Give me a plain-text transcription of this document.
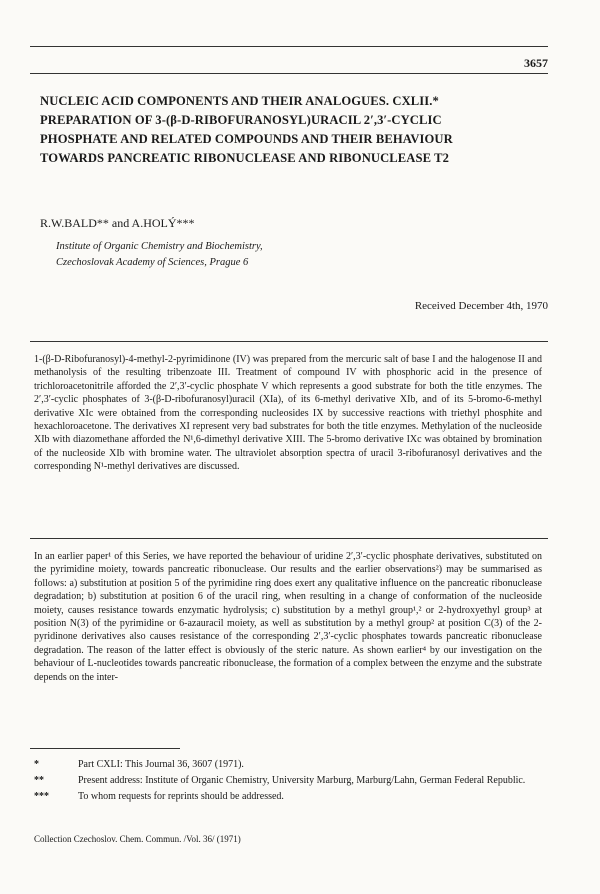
3657

NUCLEIC ACID COMPONENTS AND THEIR ANALOGUES. CXLII.*

PREPARATION OF 3-(β-D-RIBOFURANOSYL)URACIL 2′,3′-CYCLIC

PHOSPHATE AND RELATED COMPOUNDS AND THEIR BEHAVIOUR

TOWARDS PANCREATIC RIBONUCLEASE AND RIBONUCLEASE T2

R.W.BALD** and A.HOLÝ***
Institute of Organic Chemistry and Biochemistry,
Czechoslovak Academy of Sciences, Prague 6
Received December 4th, 1970

1-(β-D-Ribofuranosyl)-4-methyl-2-pyrimidinone (IV) was prepared from the mercuric salt of base I and the halogenose II and methanolysis of the resulting tribenzoate III. Treatment of compound IV with phosphoric acid in the presence of trichloroacetonitrile afforded the 2′,3′-cyclic phosphate V which represents a good substrate for both the title enzymes. The 2′,3′-cyclic phosphates of 3-(β-D-ribofuranosyl)uracil (XIa), of its 6-methyl derivative XIb, and of its 5-bromo-6-methyl derivative XIc were obtained from the corresponding nucleosides IX by successive reactions with triethyl phosphite and hexachloroacetone. The derivatives XI represent very bad substrates for both the title enzymes. Methylation of the nucleoside XIb with diazomethane afforded the N¹,6-dimethyl derivative XIII. The 5-bromo derivative IXc was obtained by bromination of the nucleoside XIb with bromine water. The ultraviolet absorption spectra of uracil 3-ribofuranosyl derivatives and the corresponding N¹-methyl derivatives are discussed.

In an earlier paper¹ of this Series, we have reported the behaviour of uridine 2′,3′-cyclic phosphate derivatives, substituted on the pyrimidine moiety, towards pancreatic ribonuclease. Our results and the earlier observations²) may be summarised as follows: a) substitution at position 5 of the pyrimidine ring does exert any qualitative influence on the pancreatic ribonuclease degradation; b) substitution at position 6 of the uracil ring, when resulting in a change of conformation of the nucleoside moiety, causes resistance towards enzymatic hydrolysis; c) substitution by a methyl group¹,² or 2-hydroxyethyl group³ at position N(3) of the pyrimidine or 6-azauracil moiety, as well as substitution by a methyl group² at position C(3) of the 2-pyridinone derivatives also causes resistance of the corresponding 2′,3′-cyclic phosphates towards pancreatic ribonuclease degradation. The reason of the latter effect is obviously of the steric nature. As shown earlier⁴ by our investigation on the behaviour of L-nucleotides towards pancreatic ribonuclease, the formation of a complex between the enzyme and the substrate depends on the inter-

*	Part CXLI: This Journal 36, 3607 (1971).
**	Present address: Institute of Organic Chemistry, University Marburg, Marburg/Lahn, German Federal Republic.
***	To whom requests for reprints should be addressed.
Collection Czechoslov. Chem. Commun. /Vol. 36/ (1971)
